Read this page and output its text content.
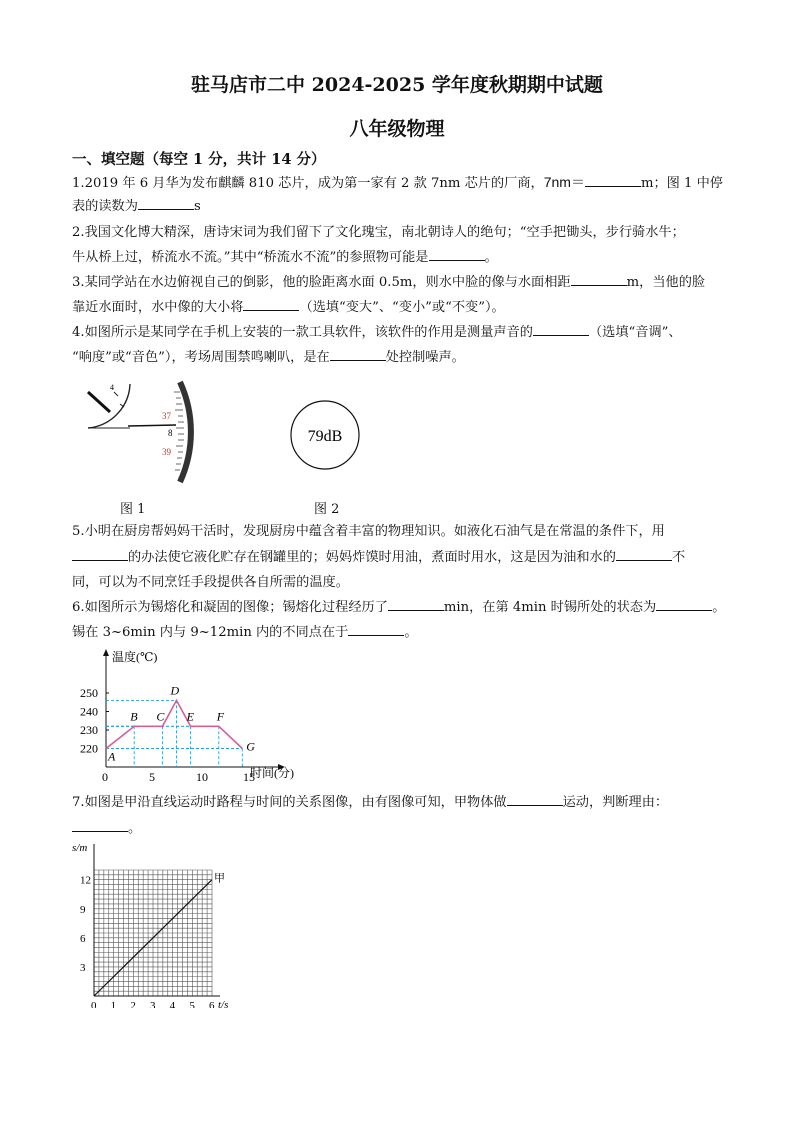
驻马店市二中 2024-2025 学年度秋期期中试题
八年级物理
一、填空题（每空 1 分，共计 14 分）
1.2019 年 6 月华为发布麒麟 810 芯片，成为第一家有 2 款 7nm 芯片的厂商，7nm＝	m；图 1 中停
表的读数为	s
2.我国文化博大精深，唐诗宋词为我们留下了文化瑰宝，南北朝诗人的绝句；“空手把锄头，步行骑水牛；
牛从桥上过，桥流水不流。”其中“桥流水不流”的参照物可能是	。
3.某同学站在水边俯视自己的倒影，他的脸距离水面 0.5m，则水中脸的像与水面相距	m，当他的脸
靠近水面时，水中像的大小将	（选填“变大”、“变小”或“不变”）。
4.如图所示是某同学在手机上安装的一款工具软件，该软件的作用是测量声音的	（选填“音调”、
“响度”或“音色”），考场周围禁鸣喇叭，是在	处控制噪声。
4
37
8
39
79dB
图 1	图 2
5.小明在厨房帮妈妈干活时，发现厨房中蕴含着丰富的物理知识。如液化石油气是在常温的条件下，用
的办法使它液化贮存在钢罐里的；妈妈炸馍时用油，煮面时用水，这是因为油和水的	不
同，可以为不同烹饪手段提供各自所需的温度。
6.如图所示为锡熔化和凝固的图像；锡熔化过程经历了	min，在第 4min 时锡所处的状态为	。
锡在 3~6min 内与 9~12min 内的不同点在于	。
温度(℃)
时间(分)
220
230
240
250
0	5	10	15
A
B C
D
E F
G
7.如图是甲沿直线运动时路程与时间的关系图像，由有图像可知，甲物体做	运动，判断理由：
。
s/m
t/s
3
6
9
12
0 1 2 3 4 5 6
甲
